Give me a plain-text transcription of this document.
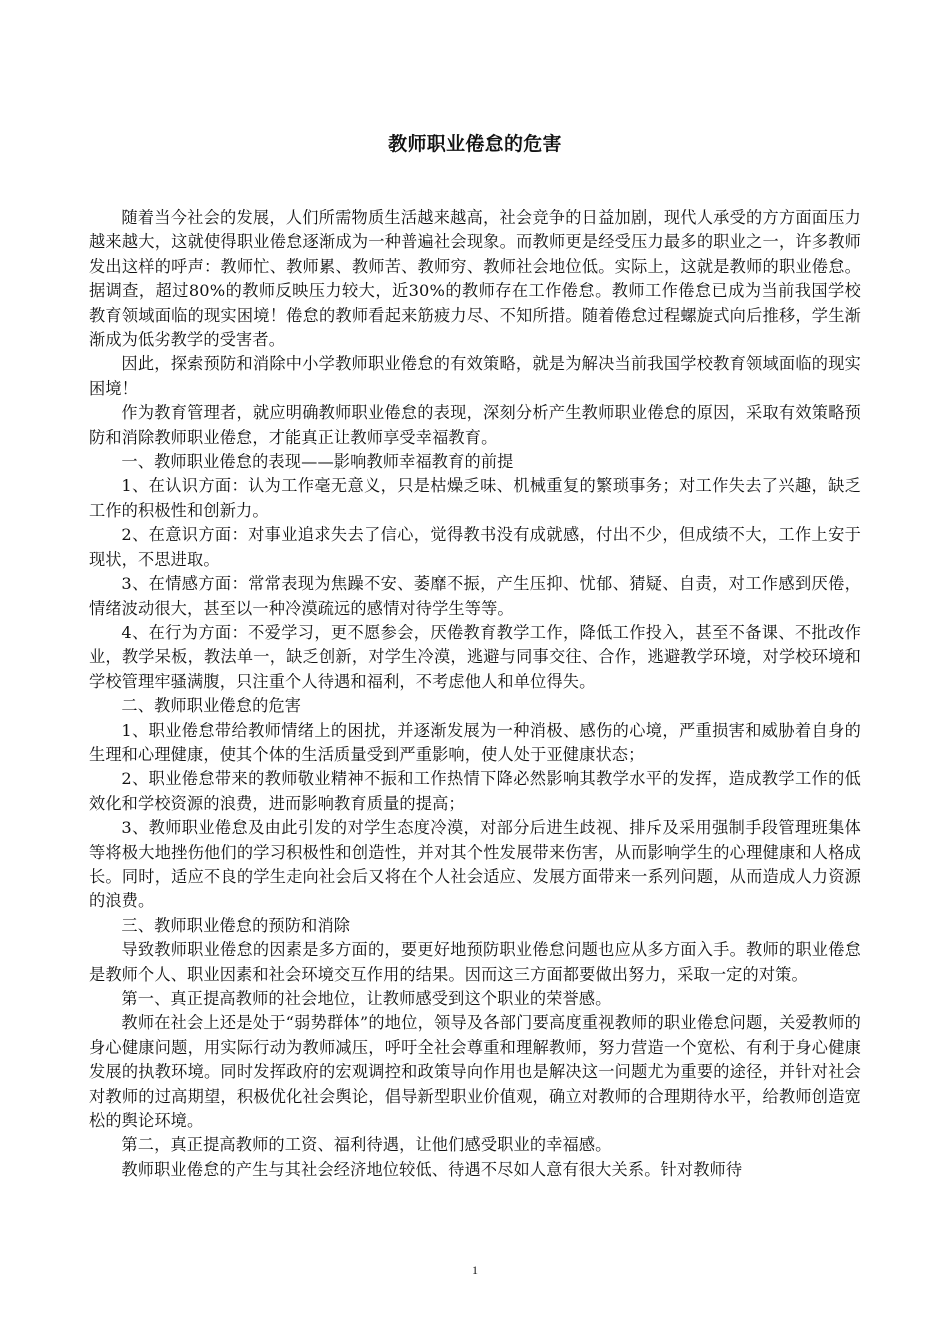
教师职业倦怠的危害

随着当今社会的发展，人们所需物质生活越来越高，社会竞争的日益加剧，现代人承受的方方面面压力越来越大，这就使得职业倦怠逐渐成为一种普遍社会现象。而教师更是经受压力最多的职业之一，许多教师发出这样的呼声：教师忙、教师累、教师苦、教师穷、教师社会地位低。实际上，这就是教师的职业倦怠。据调查，超过80%的教师反映压力较大，近30%的教师存在工作倦怠。教师工作倦怠已成为当前我国学校教育领域面临的现实困境！倦怠的教师看起来筋疲力尽、不知所措。随着倦怠过程螺旋式向后推移，学生渐渐成为低劣教学的受害者。

因此，探索预防和消除中小学教师职业倦怠的有效策略，就是为解决当前我国学校教育领域面临的现实困境！

作为教育管理者，就应明确教师职业倦怠的表现，深刻分析产生教师职业倦怠的原因，采取有效策略预防和消除教师职业倦怠，才能真正让教师享受幸福教育。

一、教师职业倦怠的表现——影响教师幸福教育的前提

1、在认识方面：认为工作毫无意义，只是枯燥乏味、机械重复的繁琐事务；对工作失去了兴趣，缺乏工作的积极性和创新力。

2、在意识方面：对事业追求失去了信心，觉得教书没有成就感，付出不少，但成绩不大，工作上安于现状，不思进取。

3、在情感方面：常常表现为焦躁不安、萎靡不振，产生压抑、忧郁、猜疑、自责，对工作感到厌倦，情绪波动很大，甚至以一种冷漠疏远的感情对待学生等等。

4、在行为方面：不爱学习，更不愿参会，厌倦教育教学工作，降低工作投入，甚至不备课、不批改作业，教学呆板，教法单一，缺乏创新，对学生冷漠，逃避与同事交往、合作，逃避教学环境，对学校环境和学校管理牢骚满腹，只注重个人待遇和福利，不考虑他人和单位得失。

二、教师职业倦怠的危害

1、职业倦怠带给教师情绪上的困扰，并逐渐发展为一种消极、感伤的心境，严重损害和威胁着自身的生理和心理健康，使其个体的生活质量受到严重影响，使人处于亚健康状态；

2、职业倦怠带来的教师敬业精神不振和工作热情下降必然影响其教学水平的发挥，造成教学工作的低效化和学校资源的浪费，进而影响教育质量的提高；

3、教师职业倦怠及由此引发的对学生态度冷漠，对部分后进生歧视、排斥及采用强制手段管理班集体等将极大地挫伤他们的学习积极性和创造性，并对其个性发展带来伤害，从而影响学生的心理健康和人格成长。同时，适应不良的学生走向社会后又将在个人社会适应、发展方面带来一系列问题，从而造成人力资源的浪费。

三、教师职业倦怠的预防和消除

导致教师职业倦怠的因素是多方面的，要更好地预防职业倦怠问题也应从多方面入手。教师的职业倦怠是教师个人、职业因素和社会环境交互作用的结果。因而这三方面都要做出努力，采取一定的对策。

第一、真正提高教师的社会地位，让教师感受到这个职业的荣誉感。

教师在社会上还是处于“弱势群体”的地位，领导及各部门要高度重视教师的职业倦怠问题，关爱教师的身心健康问题，用实际行动为教师减压，呼吁全社会尊重和理解教师，努力营造一个宽松、有利于身心健康发展的执教环境。同时发挥政府的宏观调控和政策导向作用也是解决这一问题尤为重要的途径，并针对社会对教师的过高期望，积极优化社会舆论，倡导新型职业价值观，确立对教师的合理期待水平，给教师创造宽松的舆论环境。

第二，真正提高教师的工资、福利待遇，让他们感受职业的幸福感。

教师职业倦怠的产生与其社会经济地位较低、待遇不尽如人意有很大关系。针对教师待

1
